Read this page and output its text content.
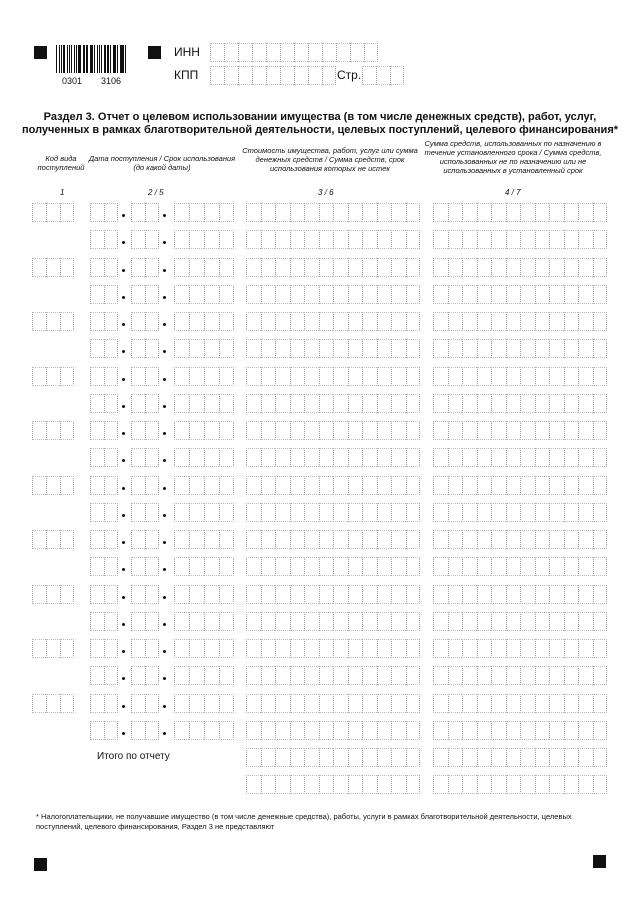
0301 3106
ИНН
КПП	Стр.
Раздел 3. Отчет о целевом использовании имущества (в том числе денежных средств), работ, услуг, полученных в рамках благотворительной деятельности, целевых поступлений, целевого финансирования*
Код вида поступлений
Дата поступления / Срок использования (до какой даты)
Стоимость имущества, работ, услуг или сумма денежных средств / Сумма средств, срок использования которых не истек
Сумма средств, использованных по назначению в течение установленного срока / Сумма средств, использованных не по назначению или не использованных в установленный срок
1	2 / 5	3 / 6	4 / 7
Итого по отчету
* Налогоплательщики, не получавшие имущество (в том числе денежные средства), работы, услуги в рамках благотворительной деятельности, целевых поступлений, целевого финансирования, Раздел 3 не представляют
